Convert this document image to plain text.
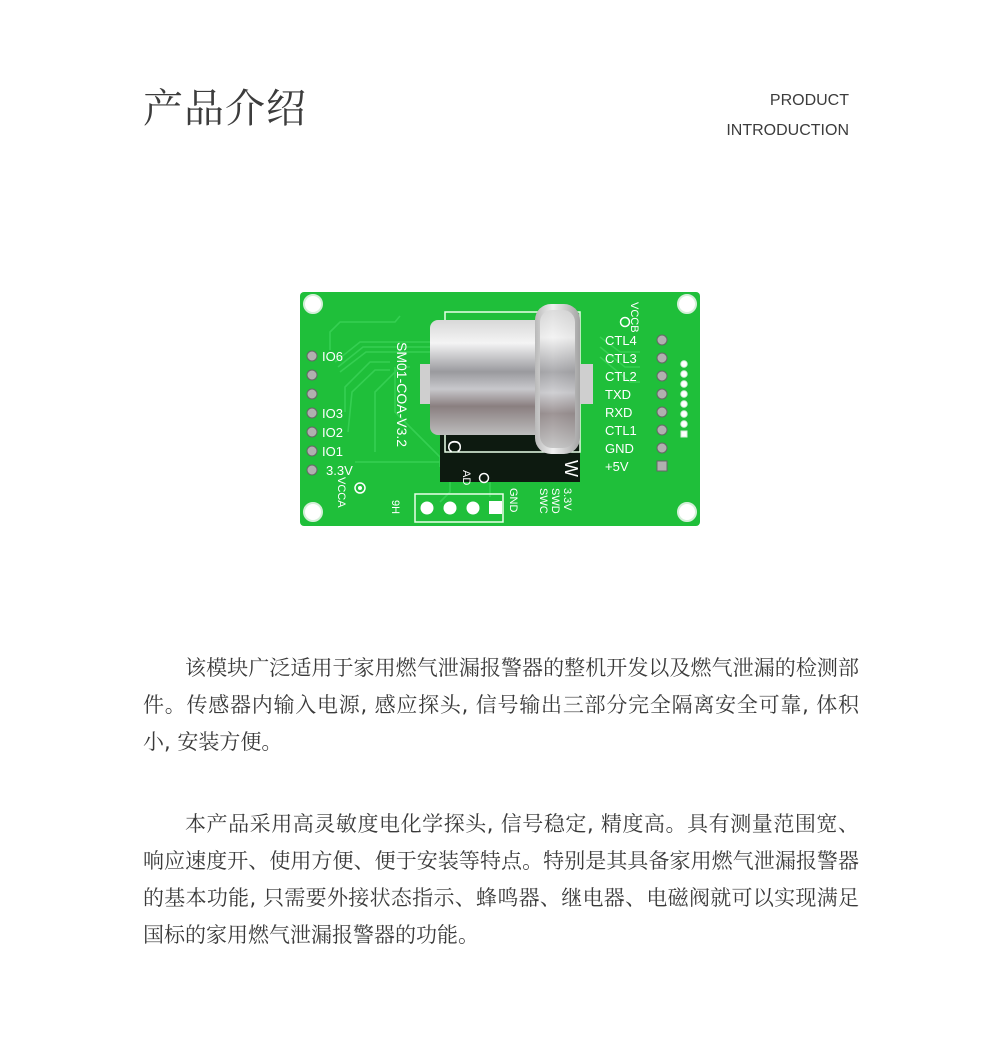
产品介绍	PRODUCT
INTRODUCTION
IO6
IO3
IO2
IO1
3.3V
CTL4
CTL3
CTL2
TXD
RXD
CTL1
GND
+5V
SM01-COA-V3.2
VCCA
VCCB
9H	3.3V
SWD
SWC
GND
C
AD
W

该模块广泛适用于家用燃气泄漏报警器的整机开发以及燃气泄漏的检测部件。传感器内输入电源, 感应探头, 信号输出三部分完全隔离安全可靠, 体积小, 安装方便。

本产品采用高灵敏度电化学探头, 信号稳定, 精度高。具有测量范围宽、响应速度开、使用方便、便于安装等特点。特别是其具备家用燃气泄漏报警器的基本功能, 只需要外接状态指示、蜂鸣器、继电器、电磁阀就可以实现满足国标的家用燃气泄漏报警器的功能。
